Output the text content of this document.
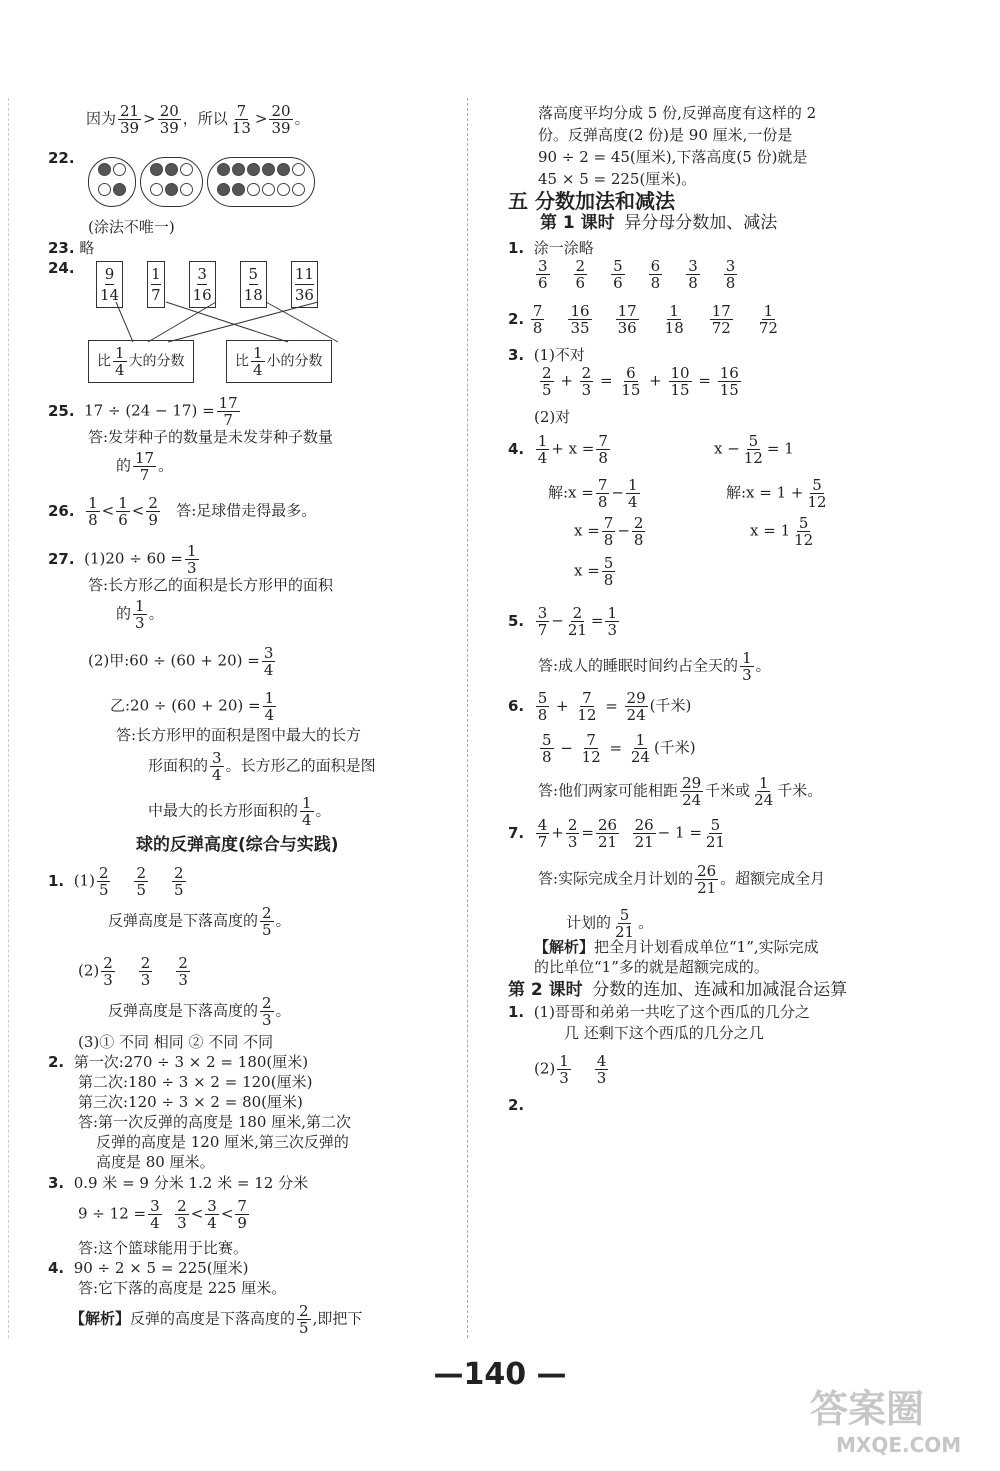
因为 $\frac{21}{39} > \frac{20}{39}$ ，所以 $\frac{7}{13} > \frac{20}{39}$ 。
22.

(涂法不唯一)
23. 略
24. $\frac{9}{14} \frac{1}{7} \frac{3}{16} \frac{5}{18} \frac{11}{36}$
比 $\frac{1}{4}$ 大的分数	比 $\frac{1}{4}$ 小的分数
25. $17 \div (24 - 17) = \frac{17}{7}$
答:发芽种子的数量是未发芽种子数量
的 $\frac{17}{7}$ 。
26. $\frac{1}{8} < \frac{1}{6} < \frac{2}{9}$ 答:足球借走得最多。
27. $(1)20 \div 60 = \frac{1}{3}$
答:长方形乙的面积是长方形甲的面积
的 $\frac{1}{3}$ 。
(2)甲:60 ÷ $(60 + 20) = \frac{3}{4}$
乙:20 ÷ $(60 + 20) = \frac{1}{4}$
答:长方形甲的面积是图中最大的长方
形面积的 $\frac{3}{4}$ 。长方形乙的面积是图
中最大的长方形面积的 $\frac{1}{4}$ 。
球的反弹高度(综合与实践)
1. $(1) \frac{2}{5} \frac{2}{5} \frac{2}{5}$
反弹高度是下落高度的 $\frac{2}{5}$ 。
$(2) \frac{2}{3} \frac{2}{3} \frac{2}{3}$
反弹高度是下落高度的 $\frac{2}{3}$ 。
(3)① 不同 相同 ② 不同 不同
2. 第一次:270 ÷ 3 × 2 = 180(厘米)
第二次:180 ÷ 3 × 2 = 120(厘米)
第三次:120 ÷ 3 × 2 = 80(厘米)
答:第一次反弹的高度是 180 厘米,第二次
反弹的高度是 120 厘米,第三次反弹的
高度是 80 厘米。
3. 0.9 米 = 9 分米 1.2 米 = 12 分米
$9 \div 12 = \frac{3}{4}$
$\frac{2}{3} < \frac{3}{4} < \frac{7}{9}$
答:这个篮球能用于比赛。
4. 90 ÷ 2 × 5 = 225(厘米)
答:它下落的高度是 225 厘米。
【解析】反弹的高度是下落高度的 $\frac{2}{5}$ ,即把下
落高度平均分成 5 份,反弹高度有这样的 2
份。反弹高度(2 份)是 90 厘米,一份是
90 ÷ 2 = 45(厘米),下落高度(5 份)就是
45 × 5 = 225(厘米)。
五 分数加法和减法
第 1 课时 异分母分数加、减法
1. 涂一涂略
$\frac{3}{6} \frac{2}{6} \frac{5}{6} \frac{6}{8} \frac{3}{8} \frac{3}{8}$
2. $\frac{7}{8} \frac{16}{35} \frac{17}{36} \frac{1}{18} \frac{17}{72} \frac{1}{72}$
3. (1)不对
$\frac{2}{5} + \frac{2}{3} = \frac{6}{15} + \frac{10}{15} = \frac{16}{15}$
(2)对
4. $\frac{1}{4} + x = \frac{7}{8}$	$x - \frac{5}{12} = 1$
解:x = $\frac{7}{8} - \frac{1}{4}$	解:x = $1 + \frac{5}{12}$
$x = \frac{7}{8} - \frac{2}{8}$	$x = 1 \frac{5}{12}$
$x = \frac{5}{8}$
5. $\frac{3}{7} - \frac{2}{21} = \frac{1}{3}$
答:成人的睡眠时间约占全天的 $\frac{1}{3}$ 。
6. $\frac{5}{8} + \frac{7}{12} = \frac{29}{24}$ (千米)
$\frac{5}{8} - \frac{7}{12} = \frac{1}{24}$ (千米)
答:他们两家可能相距 $\frac{29}{24}$ 千米或 $\frac{1}{24}$ 千米。
7. $\frac{4}{7} + \frac{2}{3} = \frac{26}{21}$
$\frac{26}{21} - 1 = \frac{5}{21}$
答:实际完成全月计划的 $\frac{26}{21}$ 。超额完成全月
计划的 $\frac{5}{21}$ 。
【解析】把全月计划看成单位“1”,实际完成
的比单位“1”多的就是超额完成的。
第 2 课时 分数的连加、连减和加减混合运算
1. (1)哥哥和弟弟一共吃了这个西瓜的几分之
几 还剩下这个西瓜的几分之几
$(2) \frac{1}{3} \frac{4}{3}$
2.
—140 —
答案圈
MXQE.COM
